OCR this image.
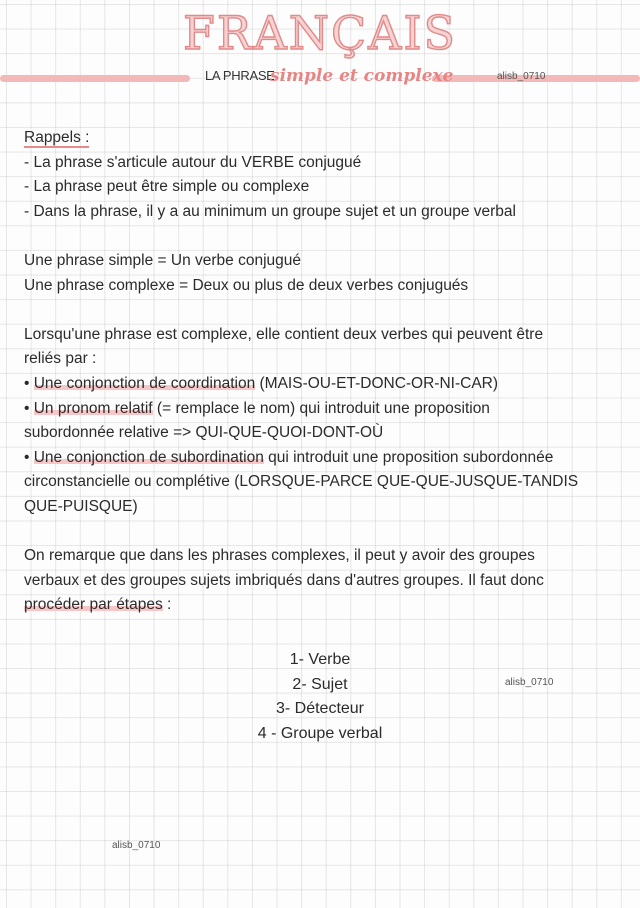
FRANÇAIS
LA PHRASE
simple et complexe	alisb_0710
Rappels :
- La phrase s'articule autour du VERBE conjugué
- La phrase peut être simple ou complexe
- Dans la phrase, il y a au minimum un groupe sujet et un groupe verbal
Une phrase simple = Un verbe conjugué
Une phrase complexe = Deux ou plus de deux verbes conjugués
Lorsqu'une phrase est complexe, elle contient deux verbes qui peuvent être
reliés par :
• Une conjonction de coordination (MAIS-OU-ET-DONC-OR-NI-CAR)
• Un pronom relatif (= remplace le nom) qui introduit une proposition
subordonnée relative => QUI-QUE-QUOI-DONT-OÙ
• Une conjonction de subordination qui introduit une proposition subordonnée
circonstancielle ou complétive (LORSQUE-PARCE QUE-QUE-JUSQUE-TANDIS
QUE-PUISQUE)
On remarque que dans les phrases complexes, il peut y avoir des groupes
verbaux et des groupes sujets imbriqués dans d'autres groupes. Il faut donc
procéder par étapes :
1- Verbe
2- Sujet
3- Détecteur
4 - Groupe verbal
alisb_0710
alisb_0710
